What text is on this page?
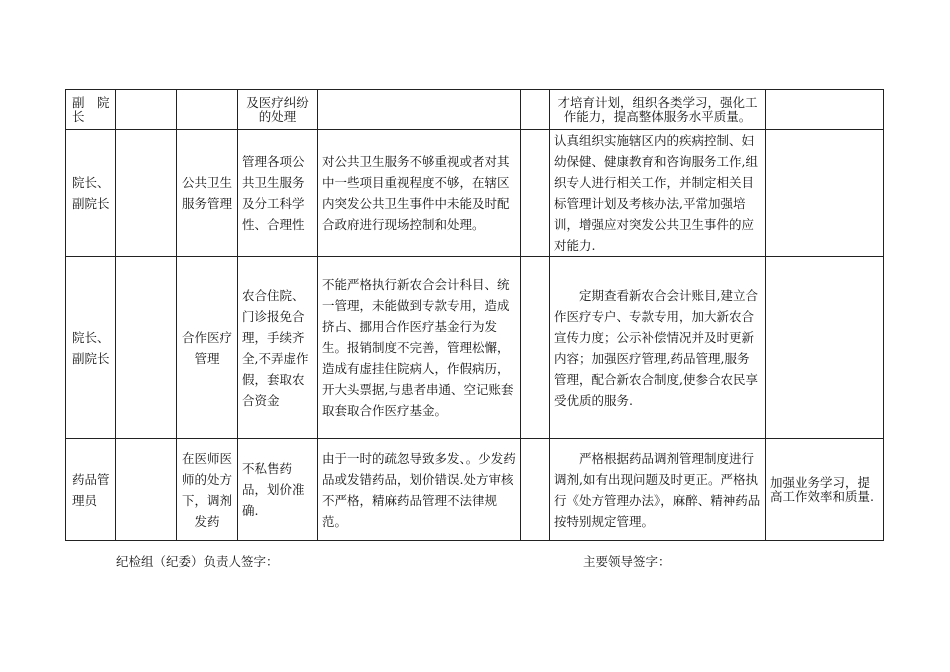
副　院长			及医疗纠纷的处理			才培育计划，组织各类学习，强化工作能力，提高整体服务水平质量。	
院长、副院长		公共卫生服务管理	管理各项公共卫生服务及分工科学性、合理性	对公共卫生服务不够重视或者对其中一些项目重视程度不够，在辖区内突发公共卫生事件中未能及时配合政府进行现场控制和处理。		认真组织实施辖区内的疾病控制、妇幼保健、健康教育和咨询服务工作,组织专人进行相关工作，并制定相关目标管理计划及考核办法,平常加强培训，增强应对突发公共卫生事件的应对能力.	
院长、副院长		合作医疗管理	农合住院、门诊报免合理，手续齐全,不弄虚作假，套取农合资金	不能严格执行新农合会计科目、统一管理，未能做到专款专用，造成挤占、挪用合作医疗基金行为发生。报销制度不完善，管理松懈，造成有虚挂住院病人，作假病历，开大头票据,与患者串通、空记账套取套取合作医疗基金。		定期查看新农合会计账目,建立合作医疗专户、专款专用，加大新农合宣传力度；公示补偿情况并及时更新内容；加强医疗管理,药品管理,服务管理，配合新农合制度,使参合农民享受优质的服务.	
药品管理员		在医师医师的处方下，调剂发药	不私售药品，划价准确.	由于一时的疏忽导致多发、。少发药品或发错药品，划价错误.处方审核不严格，精麻药品管理不法律规范。		严格根据药品调剂管理制度进行调剂,如有出现问题及时更正。严格执行《处方管理办法》，麻醉、精神药品按特别规定管理。	加强业务学习，提高工作效率和质量.
纪检组（纪委）负责人签字：	主要领导签字：
